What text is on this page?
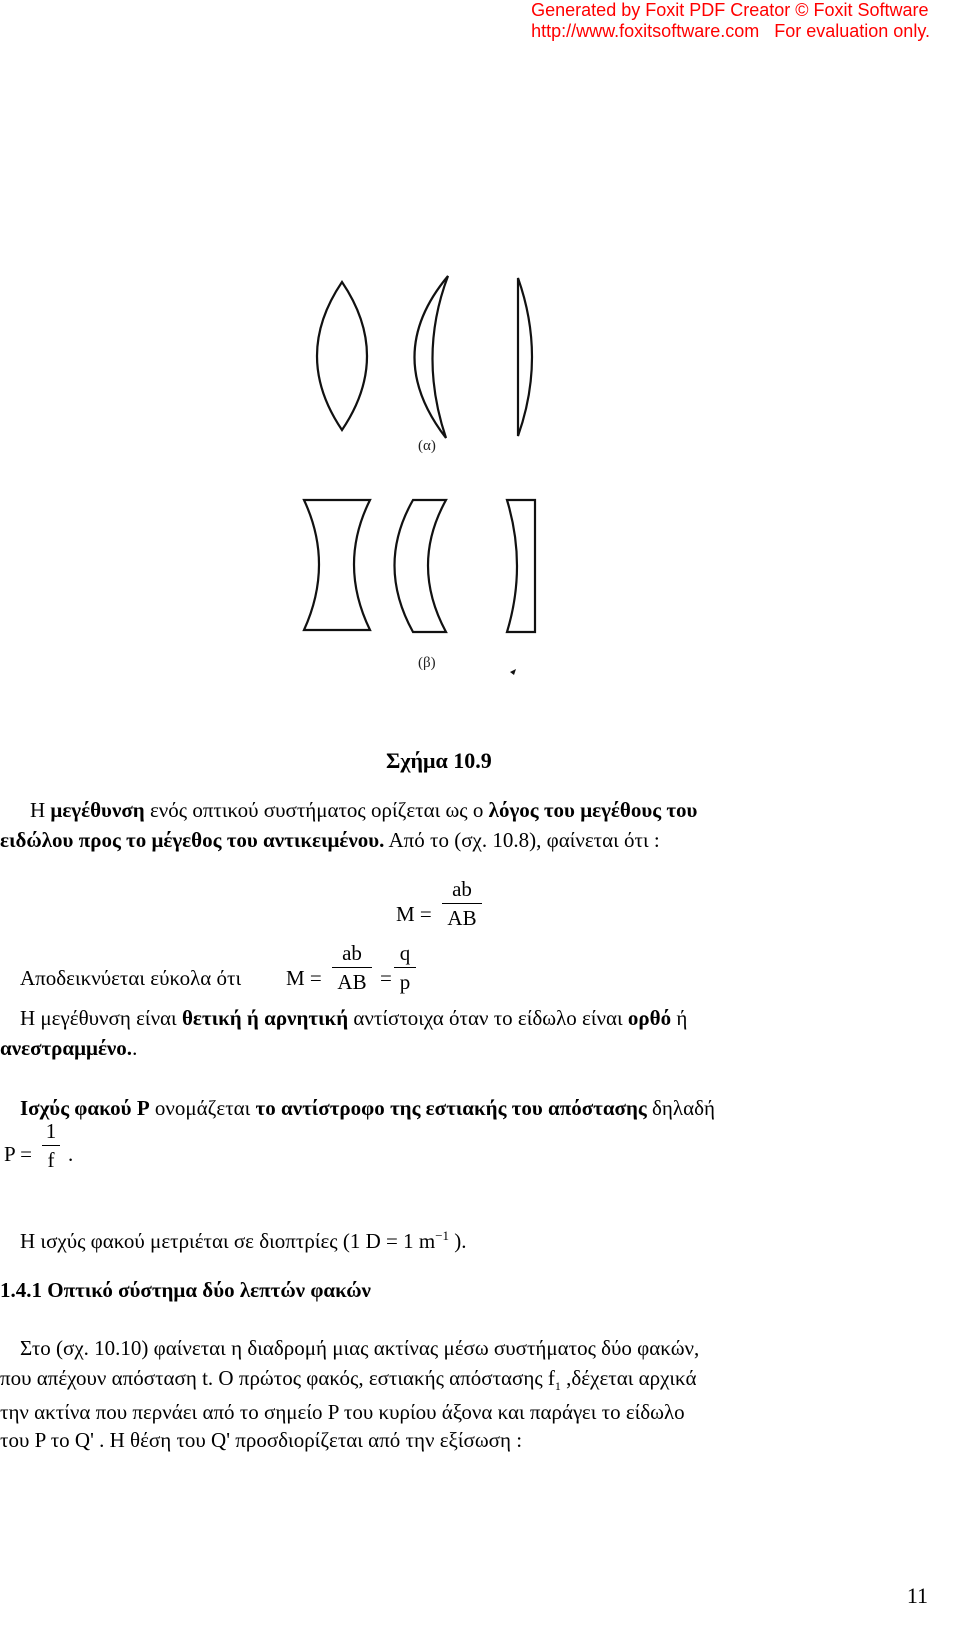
Generated by Foxit PDF Creator © Foxit Software
http://www.foxitsoftware.com For evaluation only.
(α)
(β)
Σχήμα 10.9
Η μεγέθυνση ενός οπτικού συστήματος ορίζεται ως ο λόγος του μεγέθους του
ειδώλου προς το μέγεθος του αντικειμένου. Από το (σχ. 10.8), φαίνεται ότι :
M =
ab
AB
Αποδεικνύεται εύκολα ότι M =
ab
AB =
q
p
Η μεγέθυνση είναι θετική ή αρνητική αντίστοιχα όταν το είδωλο είναι ορθό ή
ανεστραμμένο..
Ισχύς φακού P ονομάζεται το αντίστροφο της εστιακής του απόστασης δηλαδή
P =
1
f .
Η ισχύς φακού μετριέται σε διοπτρίες (1 D = 1 $m^{-1}$ ).
1.4.1 Οπτικό σύστημα δύο λεπτών φακών
Στο (σχ. 10.10) φαίνεται η διαδρομή μιας ακτίνας μέσω συστήματος δύο φακών,
που απέχουν απόσταση t. Ο πρώτος φακός, εστιακής απόστασης $f_1$ ,δέχεται αρχικά
την ακτίνα που περνάει από το σημείο P του κυρίου άξονα και παράγει το είδωλο
του P το Q' . Η θέση του Q' προσδιορίζεται από την εξίσωση :
11
